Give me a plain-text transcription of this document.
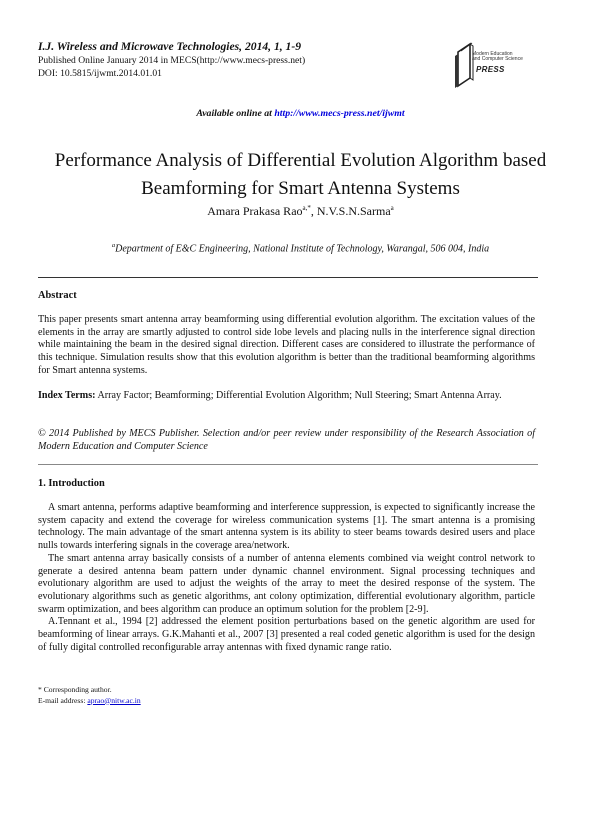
I.J. Wireless and Microwave Technologies, 2014, 1, 1-9
Published Online January 2014 in MECS(http://www.mecs-press.net)
DOI: 10.5815/ijwmt.2014.01.01
Modern Education
and Computer Science
PRESS
Available online at http://www.mecs-press.net/ijwmt
Performance Analysis of Differential Evolution Algorithm based
Beamforming for Smart Antenna Systems
Amara Prakasa Rao$^{a,*}$, N.V.S.N.Sarma$^a$
$^a$Department of E&C Engineering, National Institute of Technology, Warangal, 506 004, India
Abstract

This paper presents smart antenna array beamforming using differential evolution algorithm. The excitation values of the elements in the array are smartly adjusted to control side lobe levels and placing nulls in the interference signal direction while maintaining the beam in the desired signal direction. Different cases are considered to illustrate the performance of this technique. Simulation results show that this evolution algorithm is better than the traditional beamforming algorithms for Smart antenna systems.

Index Terms: Array Factor; Beamforming; Differential Evolution Algorithm; Null Steering; Smart Antenna Array.

© 2014 Published by MECS Publisher. Selection and/or peer review under responsibility of the Research Association of Modern Education and Computer Science

1. Introduction

A smart antenna, performs adaptive beamforming and interference suppression, is expected to significantly increase the system capacity and extend the coverage for wireless communication systems [1]. The smart antenna is a promising technology. The main advantage of the smart antenna system is its ability to steer beams towards desired users and place nulls towards interfering signals in the coverage area/network.

The smart antenna array basically consists of a number of antenna elements combined via weight control network to generate a desired antenna beam pattern under dynamic channel environment. Signal processing techniques and evolutionary algorithm are used to adjust the weights of the array to meet the desired response of the system. The evolutionary algorithms such as genetic algorithms, ant colony optimization, differential evolutionary algorithm, particle swarm optimization, and bees algorithm can produce an optimum solution for the problem [2-9].

A.Tennant et al., 1994 [2] addressed the element position perturbations based on the genetic algorithm are used for beamforming of linear arrays. G.K.Mahanti et al., 2007 [3] presented a real coded genetic algorithm is used for the design of fully digital controlled reconfigurable array antennas with fixed dynamic range ratio.

* Corresponding author.
E-mail address: aprao@nitw.ac.in
